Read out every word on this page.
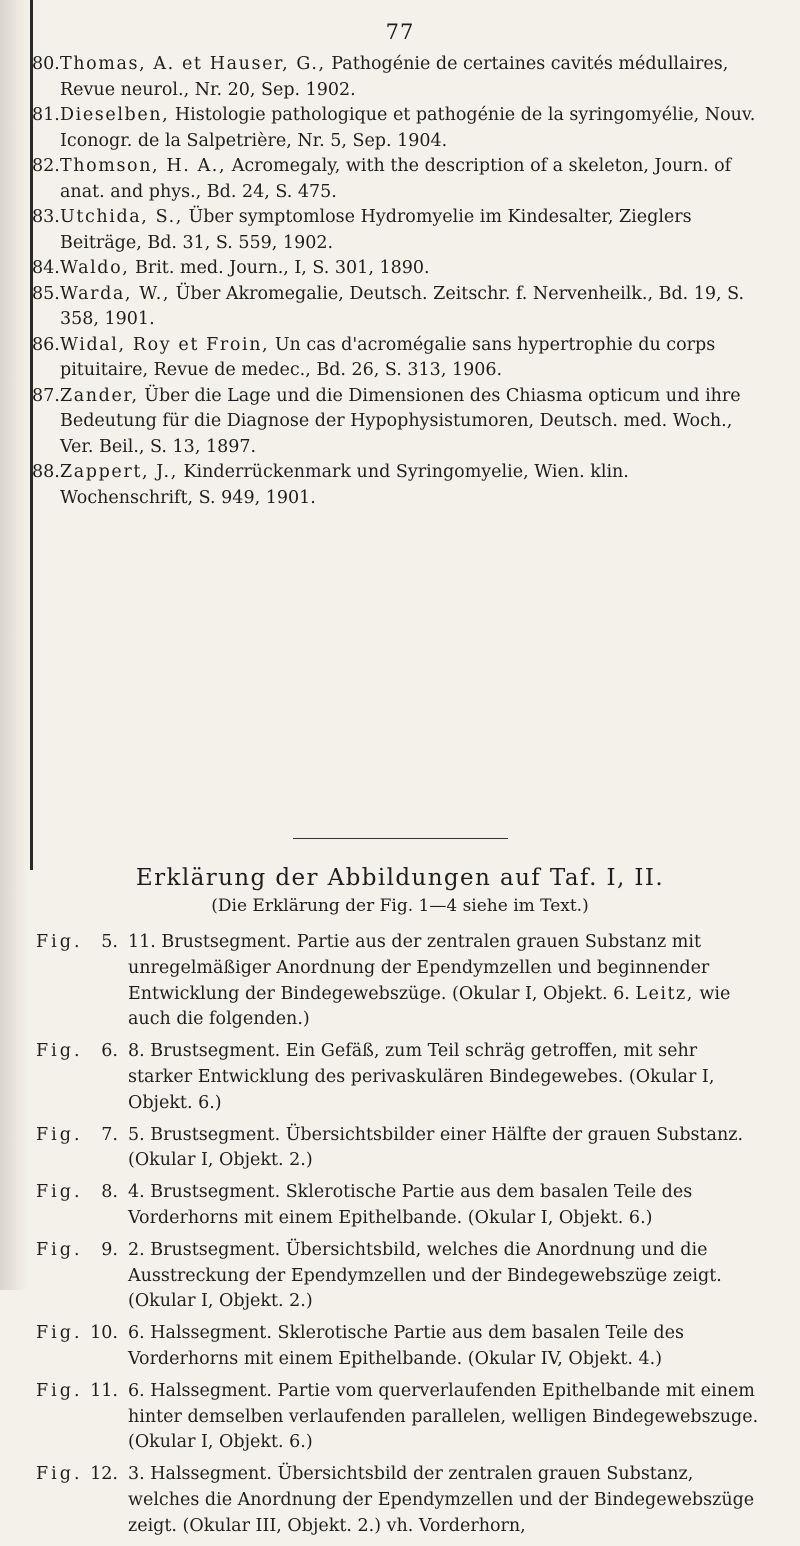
77
80. Thomas, A. et Hauser, G., Pathogénie de certaines cavités médullaires, Revue neurol., Nr. 20, Sep. 1902.
81. Dieselben, Histologie pathologique et pathogénie de la syringomyélie, Nouv. Iconogr. de la Salpetrière, Nr. 5, Sep. 1904.
82. Thomson, H. A., Acromegaly, with the description of a skeleton, Journ. of anat. and phys., Bd. 24, S. 475.
83. Utchida, S., Über symptomlose Hydromyelie im Kindesalter, Zieglers Beiträge, Bd. 31, S. 559, 1902.
84. Waldo, Brit. med. Journ., I, S. 301, 1890.
85. Warda, W., Über Akromegalie, Deutsch. Zeitschr. f. Nervenheilk., Bd. 19, S. 358, 1901.
86. Widal, Roy et Froin, Un cas d'acromégalie sans hypertrophie du corps pituitaire, Revue de medec., Bd. 26, S. 313, 1906.
87. Zander, Über die Lage und die Dimensionen des Chiasma opticum und ihre Bedeutung für die Diagnose der Hypophysistumoren, Deutsch. med. Woch., Ver. Beil., S. 13, 1897.
88. Zappert, J., Kinderrückenmark und Syringomyelie, Wien. klin. Wochenschrift, S. 949, 1901.
Erklärung der Abbildungen auf Taf. I, II.
(Die Erklärung der Fig. 1—4 siehe im Text.)
Fig.	5. 11. Brustsegment. Partie aus der zentralen grauen Substanz mit unregelmäßiger Anordnung der Ependymzellen und beginnender Entwicklung der Bindegewebszüge. (Okular I, Objekt. 6. Leitz, wie auch die folgenden.)
Fig.	6. 8. Brustsegment. Ein Gefäß, zum Teil schräg getroffen, mit sehr starker Entwicklung des perivaskulären Bindegewebes. (Okular I, Objekt. 6.)
Fig.	7. 5. Brustsegment. Übersichtsbilder einer Hälfte der grauen Substanz. (Okular I, Objekt. 2.)
Fig.	8. 4. Brustsegment. Sklerotische Partie aus dem basalen Teile des Vorderhorns mit einem Epithelbande. (Okular I, Objekt. 6.)
Fig.	9. 2. Brustsegment. Übersichtsbild, welches die Anordnung und die Ausstreckung der Ependymzellen und der Bindegewebszüge zeigt. (Okular I, Objekt. 2.)
Fig. 10. 6. Halssegment. Sklerotische Partie aus dem basalen Teile des Vorderhorns mit einem Epithelbande. (Okular IV, Objekt. 4.)
Fig. 11. 6. Halssegment. Partie vom querverlaufenden Epithelbande mit einem hinter demselben verlaufenden parallelen, welligen Bindegewebszuge. (Okular I, Objekt. 6.)
Fig. 12. 3. Halssegment. Übersichtsbild der zentralen grauen Substanz, welches die Anordnung der Ependymzellen und der Bindegewebszüge zeigt. (Okular III, Objekt. 2.) vh. Vorderhorn,
